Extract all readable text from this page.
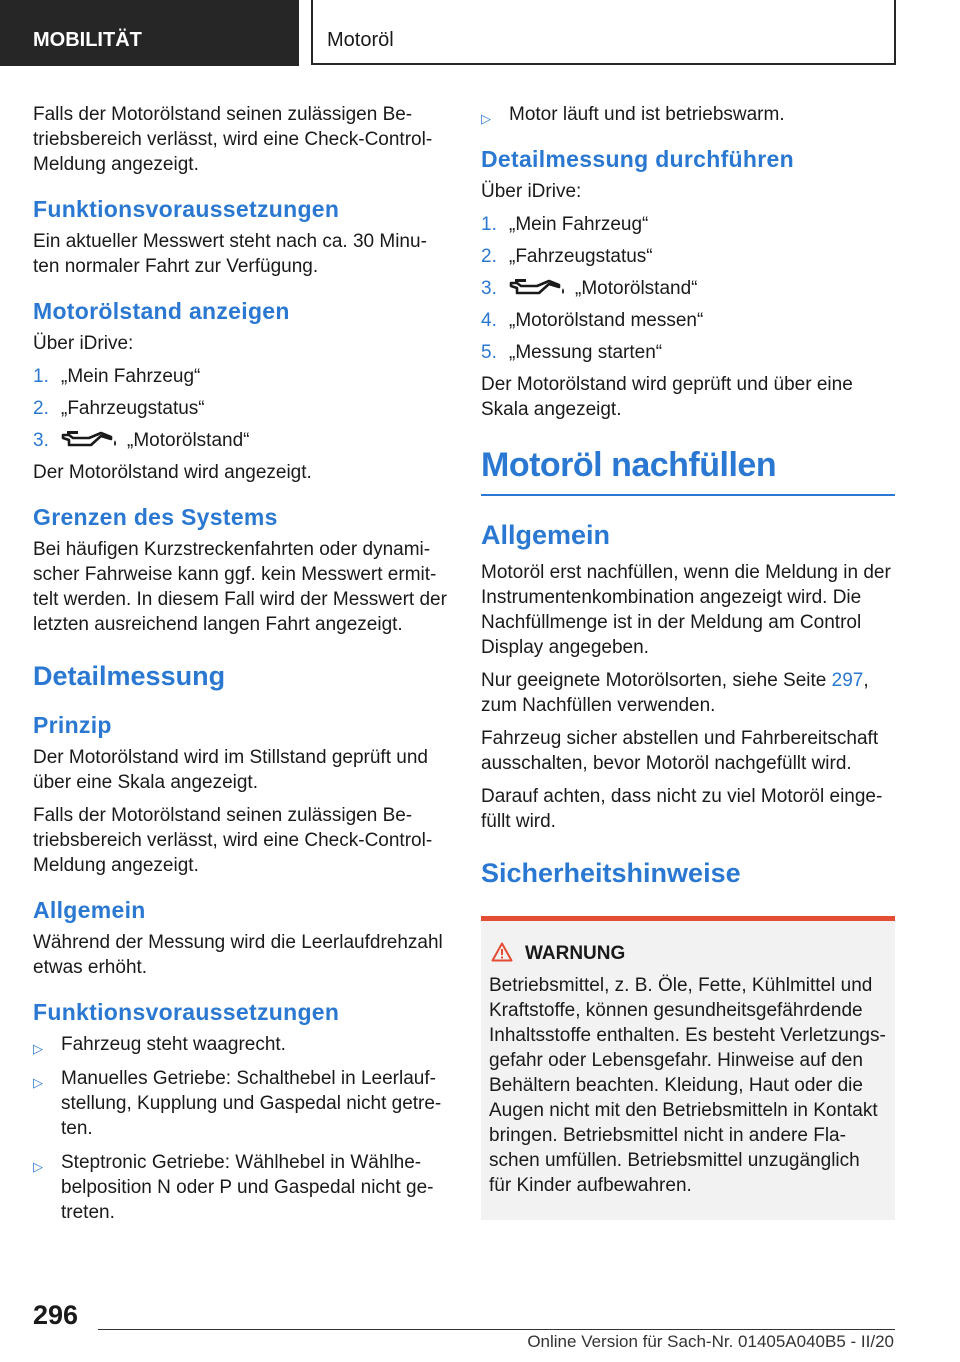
MOBILITÄT	Motoröl

Falls der Motorölstand seinen zulässigen Be‐triebsbereich verlässt, wird eine Check-Control-Meldung angezeigt.

Funktionsvoraussetzungen

Ein aktueller Messwert steht nach ca. 30 Minu‐ten normaler Fahrt zur Verfügung.

Motorölstand anzeigen

Über iDrive:

1. „Mein Fahrzeug“
2. „Fahrzeugstatus“
3.	„Motorölstand“

Der Motorölstand wird angezeigt.

Grenzen des Systems

Bei häufigen Kurzstreckenfahrten oder dynami‐scher Fahrweise kann ggf. kein Messwert ermit‐telt werden. In diesem Fall wird der Messwert der letzten ausreichend langen Fahrt angezeigt.

Detailmessung
Prinzip

Der Motorölstand wird im Stillstand geprüft und über eine Skala angezeigt.

Falls der Motorölstand seinen zulässigen Be‐triebsbereich verlässt, wird eine Check-Control-Meldung angezeigt.

Allgemein

Während der Messung wird die Leerlaufdrehzahl etwas erhöht.

Funktionsvoraussetzungen
▷ Fahrzeug steht waagrecht.
▷ Manuelles Getriebe: Schalthebel in Leerlauf‐stellung, Kupplung und Gaspedal nicht getre‐ten.
▷ Steptronic Getriebe: Wählhebel in Wählhe‐belposition N oder P und Gaspedal nicht ge‐treten.
▷ Motor läuft und ist betriebswarm.
Detailmessung durchführen

Über iDrive:

1. „Mein Fahrzeug“
2. „Fahrzeugstatus“
3.	„Motorölstand“
4. „Motorölstand messen“
5. „Messung starten“

Der Motorölstand wird geprüft und über eine Skala angezeigt.

Motoröl nachfüllen
Allgemein

Motoröl erst nachfüllen, wenn die Meldung in der Instrumentenkombination angezeigt wird. Die Nachfüllmenge ist in der Meldung am Control Display angegeben.

Nur geeignete Motorölsorten, siehe Seite 297, zum Nachfüllen verwenden.

Fahrzeug sicher abstellen und Fahrbereitschaft ausschalten, bevor Motoröl nachgefüllt wird.

Darauf achten, dass nicht zu viel Motoröl einge‐füllt wird.

Sicherheitshinweise
WARNUNG

Betriebsmittel, z. B. Öle, Fette, Kühlmittel und Kraftstoffe, können gesundheitsgefährdende Inhaltsstoffe enthalten. Es besteht Verletzungs‐gefahr oder Lebensgefahr. Hinweise auf den Behältern beachten. Kleidung, Haut oder die Augen nicht mit den Betriebsmitteln in Kontakt bringen. Betriebsmittel nicht in andere Fla‐schen umfüllen. Betriebsmittel unzugänglich für Kinder aufbewahren.

296
Online Version für Sach-Nr. 01405A040B5 - II/20
